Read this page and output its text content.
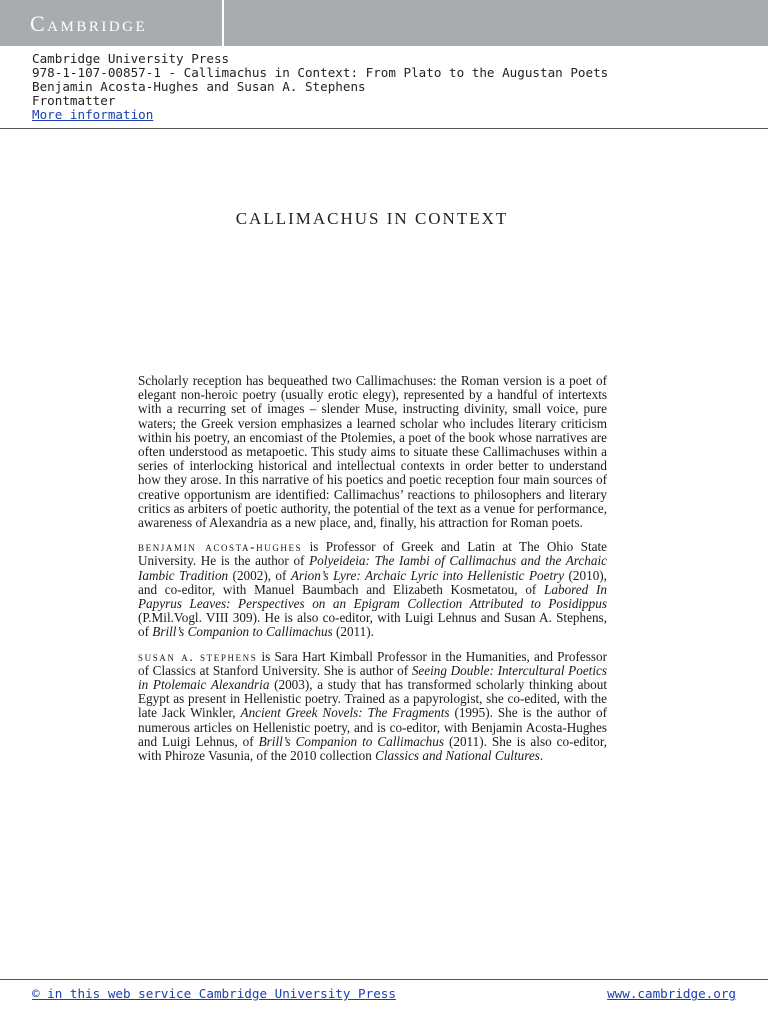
Cambridge
Cambridge University Press
978-1-107-00857-1 - Callimachus in Context: From Plato to the Augustan Poets
Benjamin Acosta-Hughes and Susan A. Stephens
Frontmatter
More information
CALLIMACHUS IN CONTEXT

Scholarly reception has bequeathed two Callimachuses: the Roman version is a poet of elegant non-heroic poetry (usually erotic elegy), represented by a handful of intertexts with a recurring set of images – slender Muse, instructing divinity, small voice, pure waters; the Greek version emphasizes a learned scholar who includes literary criticism within his poetry, an encomiast of the Ptolemies, a poet of the book whose narratives are often understood as metapoetic. This study aims to situate these Callimachuses within a series of interlocking historical and intellectual contexts in order better to understand how they arose. In this narrative of his poetics and poetic reception four main sources of creative opportunism are identified: Callimachus’ reactions to philosophers and literary critics as arbiters of poetic authority, the potential of the text as a venue for performance, awareness of Alexandria as a new place, and, finally, his attraction for Roman poets.

benjamin acosta-hughes is Professor of Greek and Latin at The Ohio State University. He is the author of Polyeideia: The Iambi of Callimachus and the Archaic Iambic Tradition (2002), of Arion’s Lyre: Archaic Lyric into Hellenistic Poetry (2010), and co-editor, with Manuel Baumbach and Elizabeth Kosmetatou, of Labored In Papyrus Leaves: Perspectives on an Epigram Collection Attributed to Posidippus (P.Mil.Vogl. VIII 309). He is also co-editor, with Luigi Lehnus and Susan A. Stephens, of Brill’s Companion to Callimachus (2011).

susan a. stephens is Sara Hart Kimball Professor in the Humanities, and Professor of Classics at Stanford University. She is author of Seeing Double: Intercultural Poetics in Ptolemaic Alexandria (2003), a study that has transformed scholarly thinking about Egypt as present in Hellenistic poetry. Trained as a papyrologist, she co-edited, with the late Jack Winkler, Ancient Greek Novels: The Fragments (1995). She is the author of numerous articles on Hellenistic poetry, and is co-editor, with Benjamin Acosta-Hughes and Luigi Lehnus, of Brill’s Companion to Callimachus (2011). She is also co-editor, with Phiroze Vasunia, of the 2010 collection Classics and National Cultures.

© in this web service Cambridge University Press	www.cambridge.org
